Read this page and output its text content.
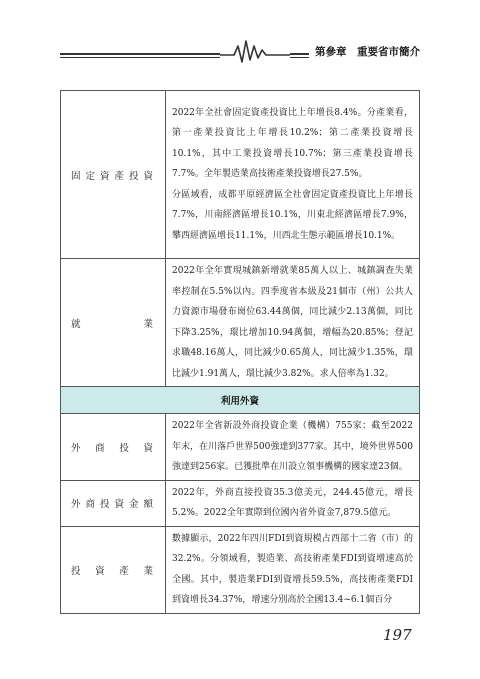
第參章　重要省市簡介
固定資產投資	2022年全社會固定資產投資比上年增長8.4%。分產業看，第一產業投資比上年增長10.2%；第二產業投資增長10.1%，其中工業投資增長10.7%；第三產業投資增長7.7%。全年製造業高技術產業投資增長27.5%。

分區域看，成都平原經濟區全社會固定資產投資比上年增長7.7%，川南經濟區增長10.1%，川東北經濟區增長7.9%，攀西經濟區增長11.1%，川西北生態示範區增長10.1%。

就業	2022年全年實現城鎮新增就業85萬人以上、城鎮調查失業率控制在5.5%以內。四季度省本級及21個市（州）公共人力資源市場發布崗位63.44萬個，同比減少2.13萬個，同比下降3.25%，環比增加10.94萬個，增幅為20.85%；登記求職48.16萬人，同比減少0.65萬人，同比減少1.35%，環比減少1.91萬人，環比減少3.82%。求人倍率為1.32。

利用外資	
外商投資	2022年全省新設外商投資企業（機構）755家；截至2022年末，在川落戶世界500強達到377家。其中，境外世界500強達到256家。已獲批準在川設立領事機構的國家達23個。

外商投資金額	2022年，外商直接投資35.3億美元，244.45億元，增長5.2%。2022全年實際到位國內省外資金7,879.5億元。

投資產業	數據顯示，2022年四川FDI到資規模占西部十二省（市）的32.2%。分領域看，製造業、高技術產業FDI到資增速高於全國。其中，製造業FDI到資增長59.5%，高技術產業FDI到資增長34.37%，增速分別高於全國13.4~6.1個百分

197
